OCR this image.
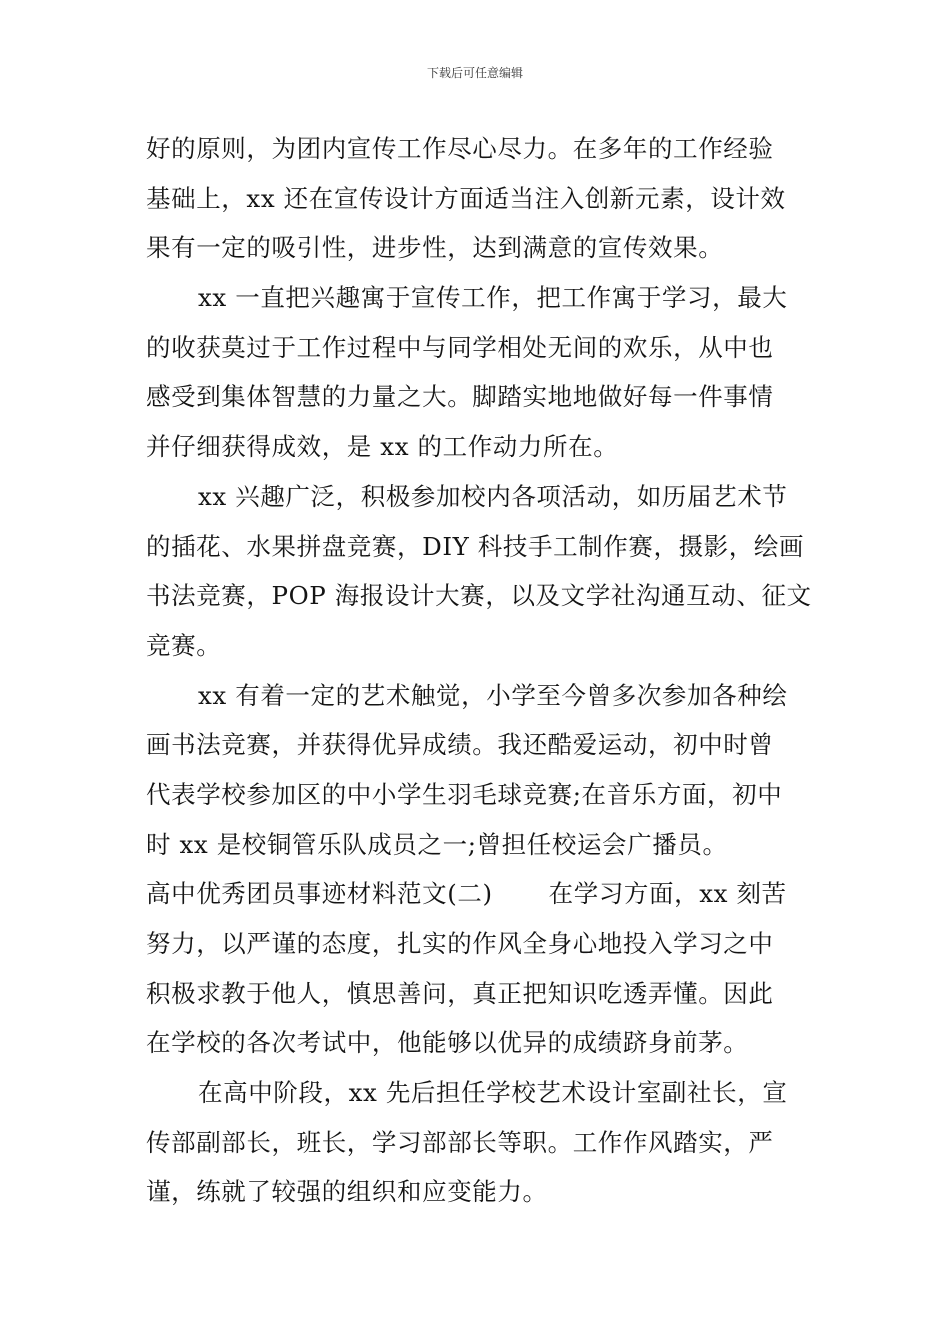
下载后可任意编辑
好的原则，为团内宣传工作尽心尽力。在多年的工作经验
基础上，xx 还在宣传设计方面适当注入创新元素，设计效
果有一定的吸引性，进步性，达到满意的宣传效果。
xx 一直把兴趣寓于宣传工作，把工作寓于学习，最大
的收获莫过于工作过程中与同学相处无间的欢乐，从中也
感受到集体智慧的力量之大。脚踏实地地做好每一件事情
并仔细获得成效，是 xx 的工作动力所在。
xx 兴趣广泛，积极参加校内各项活动，如历届艺术节
的插花、水果拼盘竞赛，DIY 科技手工制作赛，摄影，绘画
书法竞赛，POP 海报设计大赛，以及文学社沟通互动、征文
竞赛。
xx 有着一定的艺术触觉，小学至今曾多次参加各种绘
画书法竞赛，并获得优异成绩。我还酷爱运动，初中时曾
代表学校参加区的中小学生羽毛球竞赛;在音乐方面，初中
时 xx 是校铜管乐队成员之一;曾担任校运会广播员。
高中优秀团员事迹材料范文(二) 在学习方面，xx 刻苦
努力，以严谨的态度，扎实的作风全身心地投入学习之中
积极求教于他人，慎思善问，真正把知识吃透弄懂。因此
在学校的各次考试中，他能够以优异的成绩跻身前茅。
在高中阶段，xx 先后担任学校艺术设计室副社长，宣
传部副部长，班长，学习部部长等职。工作作风踏实，严
谨，练就了较强的组织和应变能力。
